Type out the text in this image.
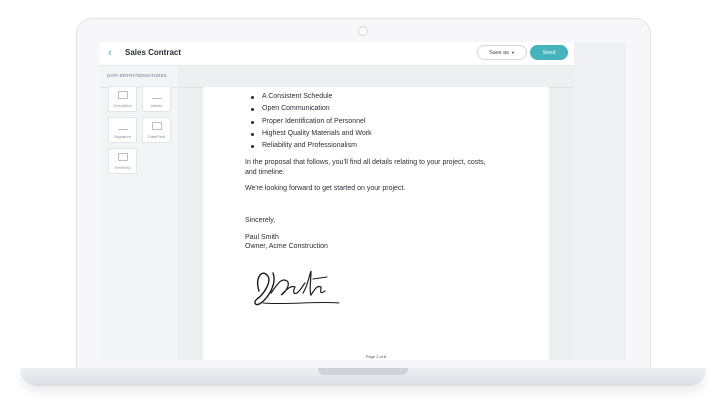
‹ Sales Contract	Save as ▼	Send
DATA ENTRY/SIGNATURES
CheckBox	Initials
Signature	DateField
TextField
A Consistent Schedule
Open Communication
Proper Identification of Personnel
Highest Quality Materials and Work
Reliability and Professionalism
In the proposal that follows, you'll find all details relating to your project, costs,
and timeline.
We're looking forward to get started on your project.
Sincerely,
Paul Smith
Owner, Acme Construction
Page 2 of 8
